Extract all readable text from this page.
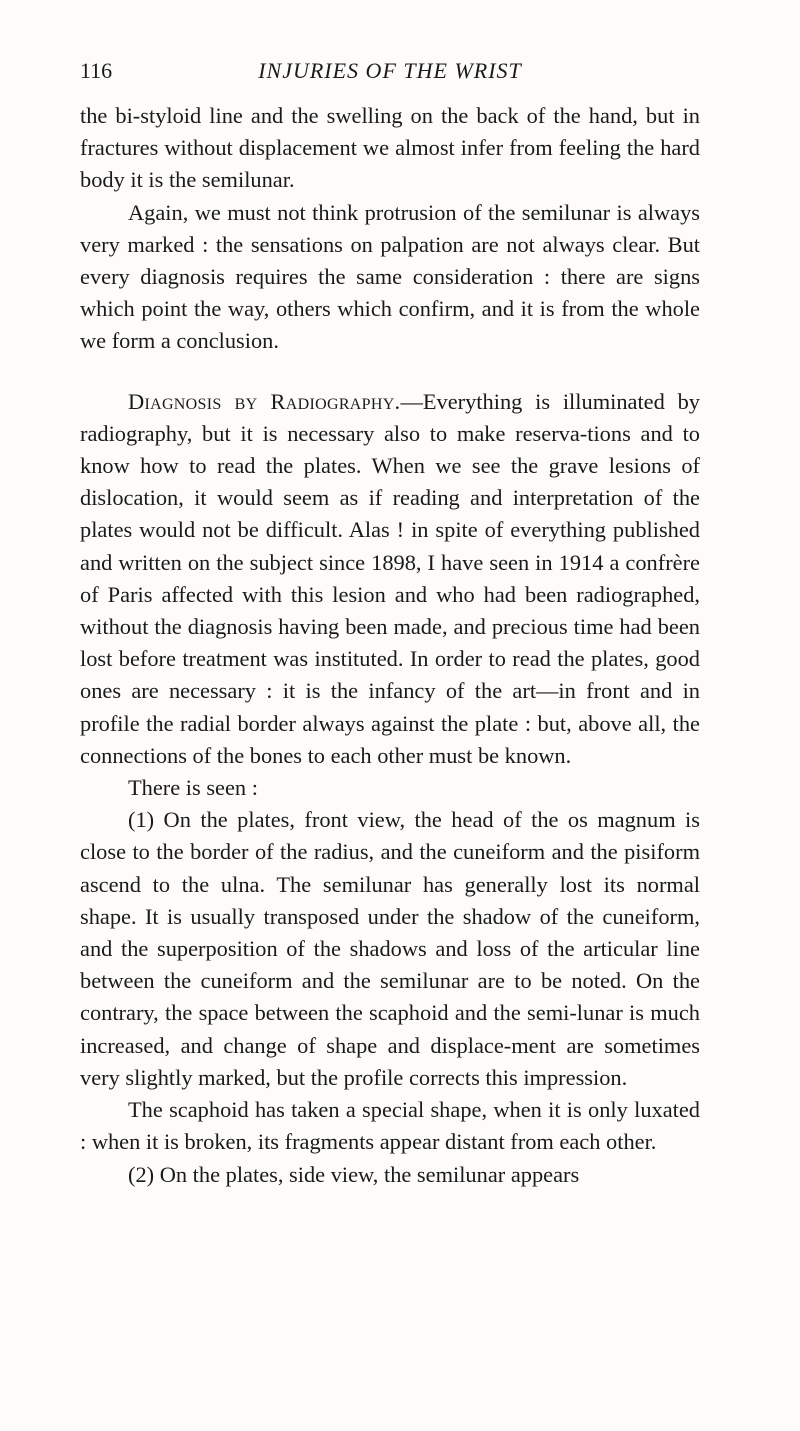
116	INJURIES OF THE WRIST

the bi-styloid line and the swelling on the back of the hand, but in fractures without displacement we almost infer from feeling the hard body it is the semilunar.

Again, we must not think protrusion of the semilunar is always very marked : the sensations on palpation are not always clear. But every diagnosis requires the same consideration : there are signs which point the way, others which confirm, and it is from the whole we form a conclusion.

Diagnosis by Radiography.—Everything is illuminated by radiography, but it is necessary also to make reserva-tions and to know how to read the plates. When we see the grave lesions of dislocation, it would seem as if reading and interpretation of the plates would not be difficult. Alas ! in spite of everything published and written on the subject since 1898, I have seen in 1914 a confrère of Paris affected with this lesion and who had been radiographed, without the diagnosis having been made, and precious time had been lost before treatment was instituted. In order to read the plates, good ones are necessary : it is the infancy of the art—in front and in profile the radial border always against the plate : but, above all, the connections of the bones to each other must be known.

There is seen :

(1) On the plates, front view, the head of the os magnum is close to the border of the radius, and the cuneiform and the pisiform ascend to the ulna. The semilunar has generally lost its normal shape. It is usually transposed under the shadow of the cuneiform, and the superposition of the shadows and loss of the articular line between the cuneiform and the semilunar are to be noted. On the contrary, the space between the scaphoid and the semi-lunar is much increased, and change of shape and displace-ment are sometimes very slightly marked, but the profile corrects this impression.

The scaphoid has taken a special shape, when it is only luxated : when it is broken, its fragments appear distant from each other.

(2) On the plates, side view, the semilunar appears
